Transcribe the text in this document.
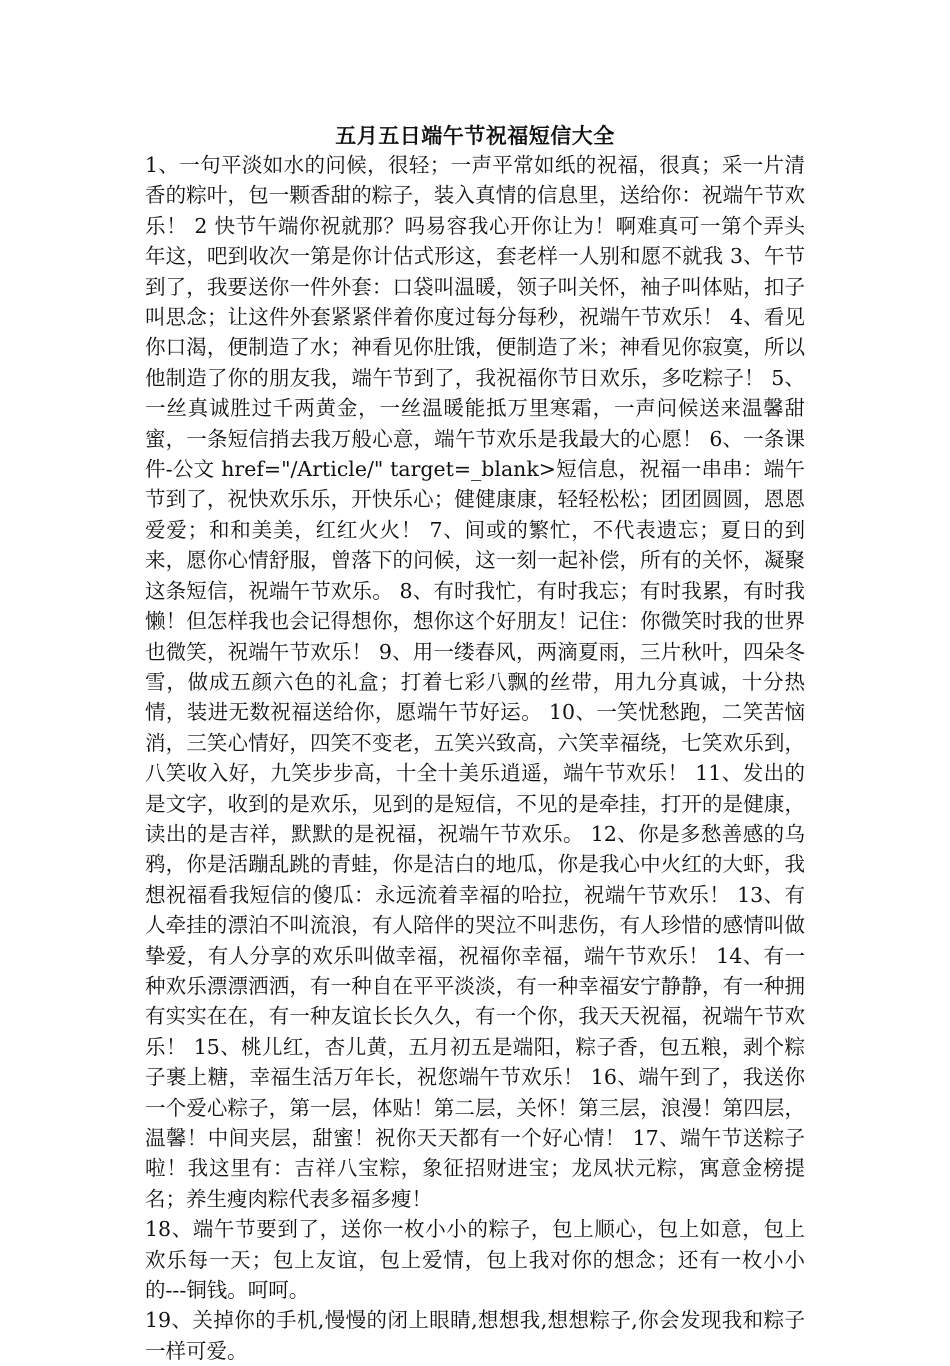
五月五日端午节祝福短信大全

1、一句平淡如水的问候，很轻；一声平常如纸的祝福，很真；采一片清香的粽叶，包一颗香甜的粽子，装入真情的信息里，送给你：祝端午节欢乐！ 2 快节午端你祝就那？吗易容我心开你让为！啊难真可一第个弄头年这，吧到收次一第是你计估式形这，套老样一人别和愿不就我 3、午节到了，我要送你一件外套：口袋叫温暖，领子叫关怀，袖子叫体贴，扣子叫思念；让这件外套紧紧伴着你度过每分每秒，祝端午节欢乐！ 4、看见你口渴，便制造了水；神看见你肚饿，便制造了米；神看见你寂寞，所以他制造了你的朋友我，端午节到了，我祝福你节日欢乐，多吃粽子！ 5、一丝真诚胜过千两黄金，一丝温暖能抵万里寒霜，一声问候送来温馨甜蜜，一条短信捎去我万般心意，端午节欢乐是我最大的心愿！ 6、一条课件-公文 href="/Article/" target=_blank>短信息，祝福一串串：端午节到了，祝快欢乐乐，开快乐心；健健康康，轻轻松松；团团圆圆，恩恩爱爱；和和美美，红红火火！ 7、间或的繁忙，不代表遗忘；夏日的到来，愿你心情舒服，曾落下的问候，这一刻一起补偿，所有的关怀，凝聚这条短信，祝端午节欢乐。 8、有时我忙，有时我忘；有时我累，有时我懒！但怎样我也会记得想你，想你这个好朋友！记住：你微笑时我的世界也微笑，祝端午节欢乐！ 9、用一缕春风，两滴夏雨，三片秋叶，四朵冬雪，做成五颜六色的礼盒；打着七彩八飘的丝带，用九分真诚，十分热情，装进无数祝福送给你，愿端午节好运。 10、一笑忧愁跑，二笑苦恼消，三笑心情好，四笑不变老，五笑兴致高，六笑幸福绕，七笑欢乐到，八笑收入好，九笑步步高，十全十美乐逍遥，端午节欢乐！ 11、发出的是文字，收到的是欢乐，见到的是短信，不见的是牵挂，打开的是健康，读出的是吉祥，默默的是祝福，祝端午节欢乐。 12、你是多愁善感的乌鸦，你是活蹦乱跳的青蛙，你是洁白的地瓜，你是我心中火红的大虾，我想祝福看我短信的傻瓜：永远流着幸福的哈拉，祝端午节欢乐！ 13、有人牵挂的漂泊不叫流浪，有人陪伴的哭泣不叫悲伤，有人珍惜的感情叫做挚爱，有人分享的欢乐叫做幸福，祝福你幸福，端午节欢乐！ 14、有一种欢乐漂漂洒洒，有一种自在平平淡淡，有一种幸福安宁静静，有一种拥有实实在在，有一种友谊长长久久，有一个你，我天天祝福，祝端午节欢乐！ 15、桃儿红，杏儿黄，五月初五是端阳，粽子香，包五粮，剥个粽子裹上糖，幸福生活万年长，祝您端午节欢乐！ 16、端午到了，我送你一个爱心粽子，第一层，体贴！第二层，关怀！第三层，浪漫！第四层，温馨！中间夹层，甜蜜！祝你天天都有一个好心情！ 17、端午节送粽子啦！我这里有：吉祥八宝粽，象征招财进宝；龙凤状元粽，寓意金榜提名；养生瘦肉粽代表多福多瘦！

18、端午节要到了，送你一枚小小的粽子，包上顺心，包上如意，包上欢乐每一天；包上友谊，包上爱情，包上我对你的想念；还有一枚小小的---铜钱。呵呵。

19、关掉你的手机,慢慢的闭上眼睛,想想我,想想粽子,你会发现我和粽子一样可爱。
